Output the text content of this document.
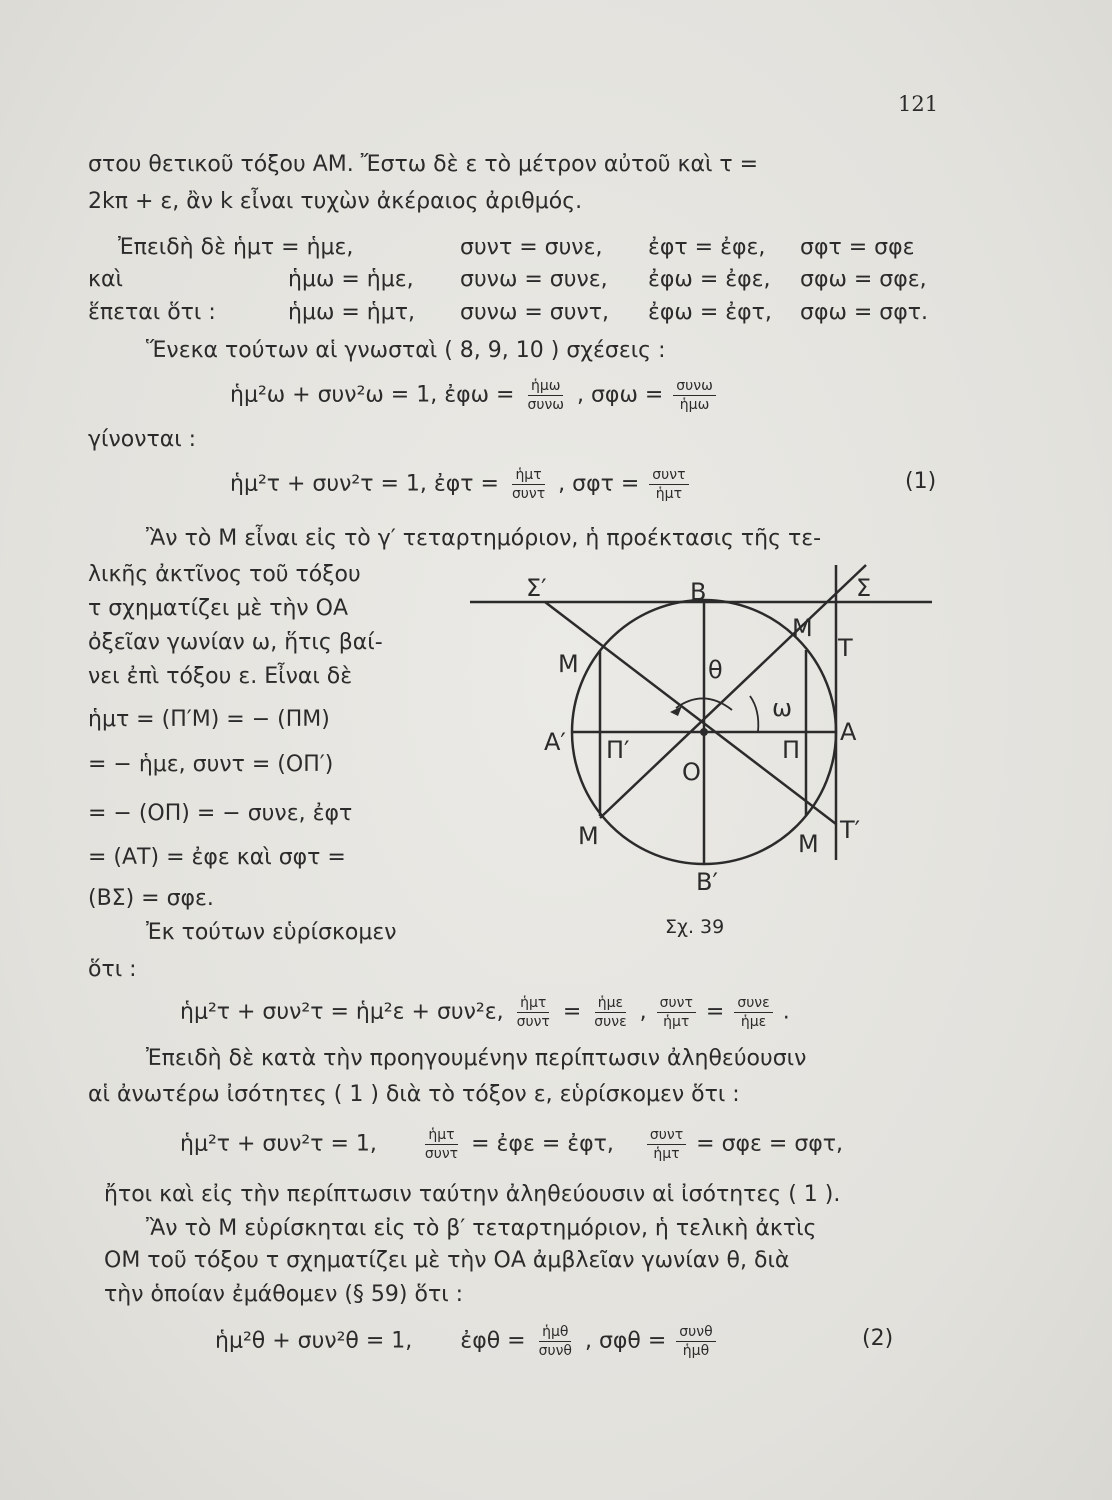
121
στου θετικοῦ τόξου ΑΜ. Ἔστω δὲ ε τὸ μέτρον αὐτοῦ καὶ τ =
2kπ + ε, ἂν k εἶναι τυχὼν ἀκέραιος ἀριθμός.
Ἐπειδὴ δὲ ἡμτ = ἡμε,	συντ = συνε, ἐφτ = ἐφε, σφτ = σφε
καὶ	ἡμω = ἡμε, συνω = συνε, ἐφω = ἐφε, σφω = σφε,
ἕπεται ὅτι :	ἡμω = ἡμτ, συνω = συντ, ἐφω = ἐφτ, σφω = σφτ.
Ἕνεκα τούτων αἱ γνωσταὶ ( 8, 9, 10 ) σχέσεις :
ἡμ²ω + συν²ω = 1, ἐφω = $\frac{\text{ἡμω}}{\text{συνω}}$ , $\sigma\varphi\omega = \frac{\text{συνω}}{\text{ἡμω}}$
γίνονται :
ἡμ²τ + συν²τ = 1, ἐφτ = $\frac{\text{ἡμτ}}{\text{συντ}}$ , $\sigma\varphi\tau = \frac{\text{συντ}}{\text{ἡμτ}}$	(1)
Ἂν τὸ Μ εἶναι εἰς τὸ γ′ τεταρτημόριον, ἡ προέκτασις τῆς τε-
λικῆς ἀκτῖνος τοῦ τόξου
τ σχηματίζει μὲ τὴν ΟΑ
ὀξεῖαν γωνίαν ω, ἥτις βαί-
νει ἐπὶ τόξου ε. Εἶναι δὲ
ἡμτ = (Π′Μ) = − (ΠΜ)
= − ἡμε, συντ = (ΟΠ′)
= − (ΟΠ) = − συνε, ἐφτ
= (ΑΤ) = ἐφε καὶ σφτ =
(ΒΣ) = σφε.
Ἐκ τούτων εὑρίσκομεν
ὅτι :
Σ′	Β	Σ
Μ
Τ
Μ	θ
ω
Α′ Π′	Π
Α
Ο
Μ	Μ Τ′
Β′
Σχ. 39
ἡμ²τ + συν²τ = ἡμ²ε + συν²ε, $\frac{\text{ἡμτ}}{\text{συντ}} = \frac{\text{ἡμε}}{\text{συνε}}$ , $\frac{\text{συντ}}{\text{ἡμτ}} = \frac{\text{συνε}}{\text{ἡμε}}$ .
Ἐπειδὴ δὲ κατὰ τὴν προηγουμένην περίπτωσιν ἀληθεύουσιν
αἱ ἀνωτέρω ἰσότητες ( 1 ) διὰ τὸ τόξον ε, εὑρίσκομεν ὅτι :
ἡμ²τ + συν²τ = 1,	$\frac{\text{ἡμτ}}{\text{συντ}}$ = ἐφε = ἐφτ, $\frac{\text{συντ}}{\text{ἡμτ}} = \sigma\varphi\varepsilon = \sigma\varphi\tau$,
ἤτοι καὶ εἰς τὴν περίπτωσιν ταύτην ἀληθεύουσιν αἱ ἰσότητες ( 1 ).
Ἂν τὸ Μ εὑρίσκηται εἰς τὸ β′ τεταρτημόριον, ἡ τελικὴ ἀκτὶς
ΟΜ τοῦ τόξου τ σχηματίζει μὲ τὴν ΟΑ ἀμβλεῖαν γωνίαν θ, διὰ
τὴν ὁποίαν ἐμάθομεν (§ 59) ὅτι :
ἡμ²θ + συν²θ = 1, ἐφθ = $\frac{\text{ἡμθ}}{\text{συνθ}}$ , $\sigma\varphi\theta = \frac{\text{συνθ}}{\text{ἡμθ}}$	(2)
